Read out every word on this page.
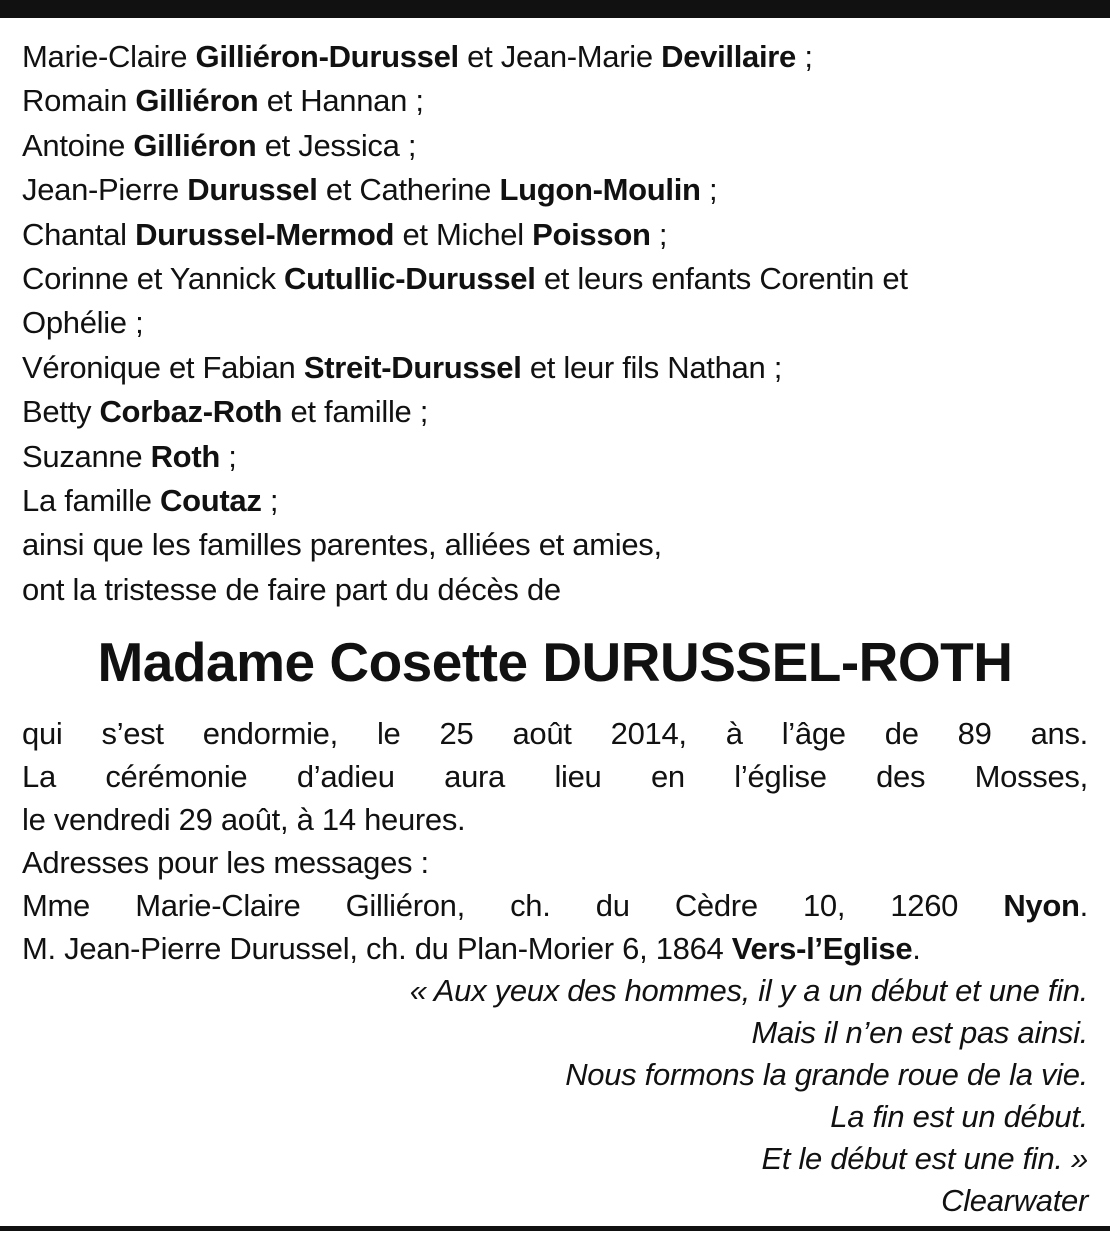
Marie-Claire Gilliéron-Durussel et Jean-Marie Devillaire ;
Romain Gilliéron et Hannan ;
Antoine Gilliéron et Jessica ;
Jean-Pierre Durussel et Catherine Lugon-Moulin ;
Chantal Durussel-Mermod et Michel Poisson ;
Corinne et Yannick Cutullic-Durussel et leurs enfants Corentin et
Ophélie ;
Véronique et Fabian Streit-Durussel et leur fils Nathan ;
Betty Corbaz-Roth et famille ;
Suzanne Roth ;
La famille Coutaz ;
ainsi que les familles parentes, alliées et amies,
ont la tristesse de faire part du décès de
Madame Cosette DURUSSEL-ROTH
qui s’est endormie, le 25 août 2014, à l’âge de 89 ans.
La cérémonie d’adieu aura lieu en l’église des Mosses,
le vendredi 29 août, à 14 heures.
Adresses pour les messages :
Mme Marie-Claire Gilliéron, ch. du Cèdre 10, 1260 Nyon.
M. Jean-Pierre Durussel, ch. du Plan-Morier 6, 1864 Vers-l’Eglise.
« Aux yeux des hommes, il y a un début et une fin.
Mais il n’en est pas ainsi.
Nous formons la grande roue de la vie.
La fin est un début.
Et le début est une fin. »
Clearwater
